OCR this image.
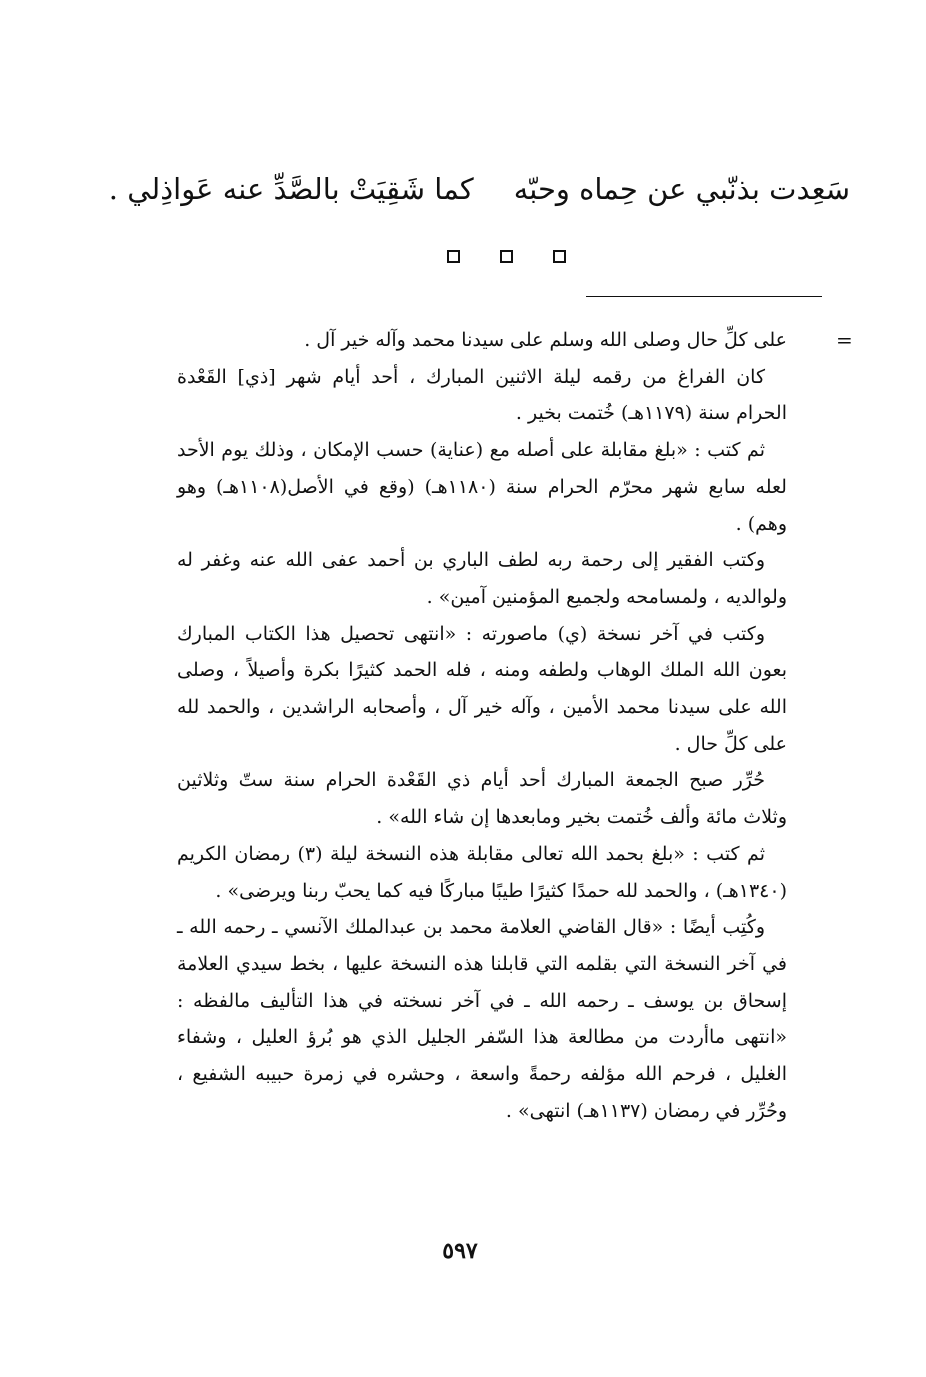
سَعِدت بذنّبي عن حِماه وحبّهكما شَقِيَتْ بالصَّدِّ عنه عَواذِلي .
=

على كلِّ حال وصلى الله وسلم على سيدنا محمد وآله خير آل .

كان الفراغ من رقمه ليلة الاثنين المبارك ، أحد أيام شهر [ذي] القَعْدة الحرام سنة (١١٧٩هـ) خُتمت بخير .

ثم كتب : «بلغ مقابلة على أصله مع (عناية) حسب الإمكان ، وذلك يوم الأحد لعله سابع شهر محرّم الحرام سنة (١١٨٠هـ) (وقع في الأصل(١١٠٨هـ) وهو وهم) .

وكتب الفقير إلى رحمة ربه لطف الباري بن أحمد عفى الله عنه وغفر له ولوالديه ، ولمسامحه ولجميع المؤمنين آمين» .

وكتب في آخر نسخة (ي) ماصورته : «انتهى تحصيل هذا الكتاب المبارك بعون الله الملك الوهاب ولطفه ومنه ، فله الحمد كثيرًا بكرة وأصيلاً ، وصلى الله على سيدنا محمد الأمين ، وآله خير آل ، وأصحابه الراشدين ، والحمد لله على كلِّ حال .

حُرِّر صبح الجمعة المبارك أحد أيام ذي القَعْدة الحرام سنة ستّ وثلاثين وثلاث مائة وألف خُتمت بخير ومابعدها إن شاء الله» .

ثم كتب : «بلغ بحمد الله تعالى مقابلة هذه النسخة ليلة (٣) رمضان الكريم (١٣٤٠هـ) ، والحمد لله حمدًا كثيرًا طيبًا مباركًا فيه كما يحبّ ربنا ويرضى» .

وكُتِب أيضًا : «قال القاضي العلامة محمد بن عبدالملك الآنسي ـ رحمه الله ـ في آخر النسخة التي بقلمه التي قابلنا هذه النسخة عليها ، بخط سيدي العلامة إسحاق بن يوسف ـ رحمه الله ـ في آخر نسخته في هذا التأليف مالفظه : «انتهى ماأردت من مطالعة هذا السّفر الجليل الذي هو بُرؤ العليل ، وشفاء الغليل ، فرحم الله مؤلفه رحمةً واسعة ، وحشره في زمرة حبيبه الشفيع ، وحُرِّر في رمضان (١١٣٧هـ) انتهى» .

٥٩٧
